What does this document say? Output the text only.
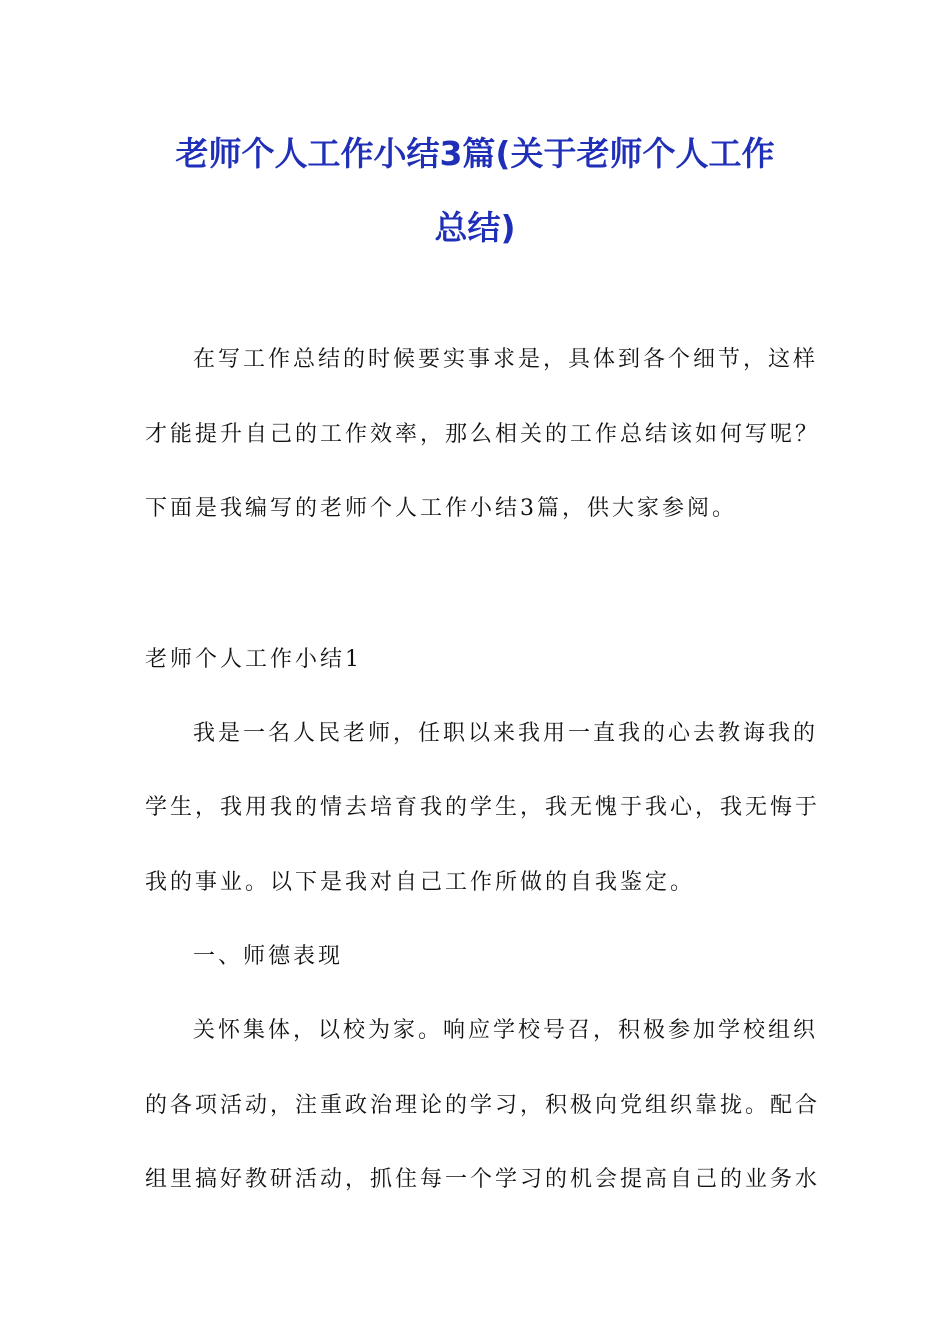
老师个人工作小结3篇(关于老师个人工作
总结)
在写工作总结的时候要实事求是，具体到各个细节，这样
才能提升自己的工作效率，那么相关的工作总结该如何写呢？
下面是我编写的老师个人工作小结3篇，供大家参阅。
老师个人工作小结1
我是一名人民老师，任职以来我用一直我的心去教诲我的
学生，我用我的情去培育我的学生，我无愧于我心，我无悔于
我的事业。以下是我对自己工作所做的自我鉴定。
一、师德表现
关怀集体，以校为家。响应学校号召，积极参加学校组织
的各项活动，注重政治理论的学习，积极向党组织靠拢。配合
组里搞好教研活动，抓住每一个学习的机会提高自己的业务水
